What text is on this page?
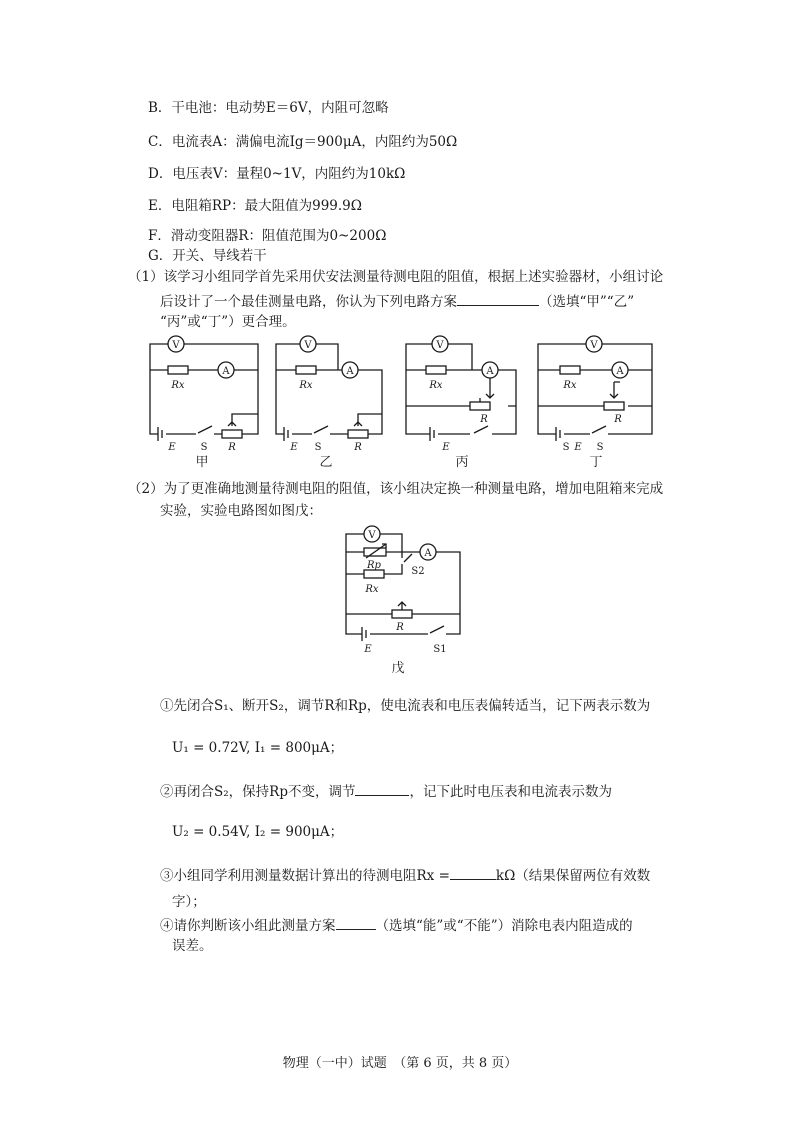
B．干电池：电动势E＝6V，内阻可忽略
C．电流表A：满偏电流Ig＝900μA，内阻约为50Ω
D．电压表V：量程0~1V，内阻约为10kΩ
E．电阻箱RP：最大阻值为999.9Ω
F．滑动变阻器R：阻值范围为0~200Ω
G．开关、导线若干
（1）该学习小组同学首先采用伏安法测量待测电阻的阻值，根据上述实验器材，小组讨论
后设计了一个最佳测量电路，你认为下列电路方案	（选填“甲”“乙”
“丙”或“丁”）更合理。
V
A
V
A
V
A
V
A
Rx	Rx	Rx	Rx
R	R
R	R
E S	E S	E	S E S
甲	乙	丙	丁
（2）为了更准确地测量待测电阻的阻值，该小组决定换一种测量电路，增加电阻箱来完成
实验，实验电路图如图戊：
V
A
Rp
Rx
R
E	S1
S2
戊
①先闭合S₁、断开S₂，调节R和Rp，使电流表和电压表偏转适当，记下两表示数为
U₁ = 0.72V, I₁ = 800μA；
②再闭合S₂，保持Rp不变，调节	，记下此时电压表和电流表示数为
U₂ = 0.54V, I₂ = 900μA；
③小组同学利用测量数据计算出的待测电阻Rx =	kΩ（结果保留两位有效数
字）；
④请你判断该小组此测量方案	（选填“能”或“不能”）消除电表内阻造成的
误差。
物理（一中）试题　（第 6 页，共 8 页）
